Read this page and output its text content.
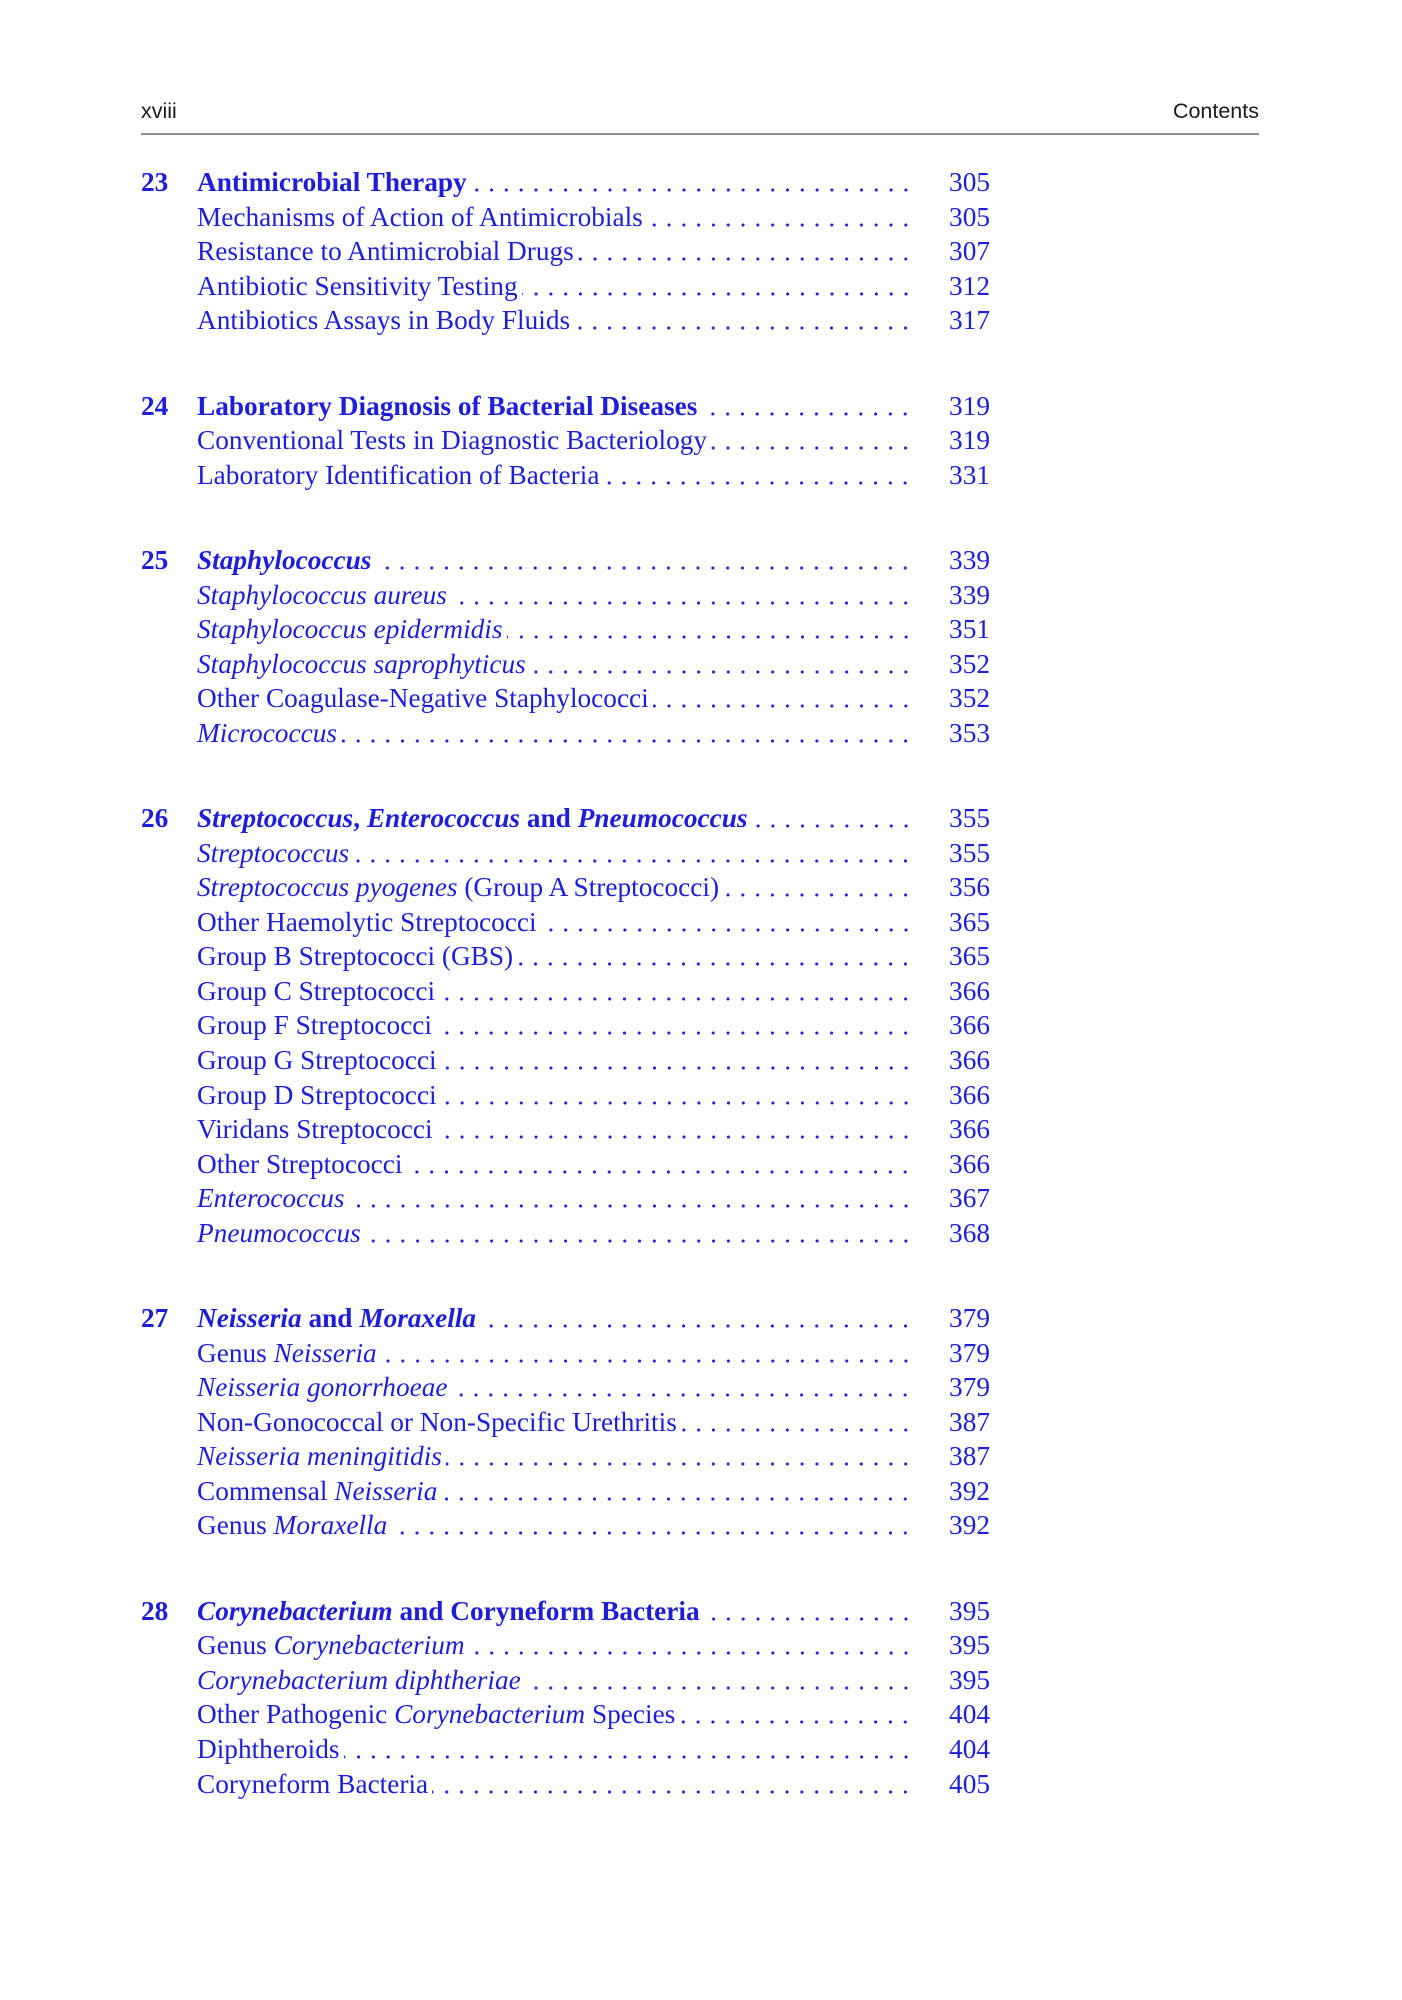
xviii	Contents
23	Antimicrobial Therapy	305
Mechanisms of Action of Antimicrobials	305
Resistance to Antimicrobial Drugs	307
Antibiotic Sensitivity Testing	312
Antibiotics Assays in Body Fluids	317
24	Laboratory Diagnosis of Bacterial Diseases	319
Conventional Tests in Diagnostic Bacteriology	319
Laboratory Identification of Bacteria	331
25	Staphylococcus	339
Staphylococcus aureus	339
Staphylococcus epidermidis	351
Staphylococcus saprophyticus	352
Other Coagulase-Negative Staphylococci	352
Micrococcus	353
26	Streptococcus, Enterococcus and Pneumococcus	355
Streptococcus	355
Streptococcus pyogenes (Group A Streptococci)	356
Other Haemolytic Streptococci	365
Group B Streptococci (GBS)	365
Group C Streptococci	366
Group F Streptococci	366
Group G Streptococci	366
Group D Streptococci	366
Viridans Streptococci	366
Other Streptococci	366
Enterococcus	367
Pneumococcus	368
27	Neisseria and Moraxella	379
Genus Neisseria	379
Neisseria gonorrhoeae	379
Non-Gonococcal or Non-Specific Urethritis	387
Neisseria meningitidis	387
Commensal Neisseria	392
Genus Moraxella	392
28	Corynebacterium and Coryneform Bacteria	395
Genus Corynebacterium	395
Corynebacterium diphtheriae	395
Other Pathogenic Corynebacterium Species	404
Diphtheroids	404
Coryneform Bacteria	405
